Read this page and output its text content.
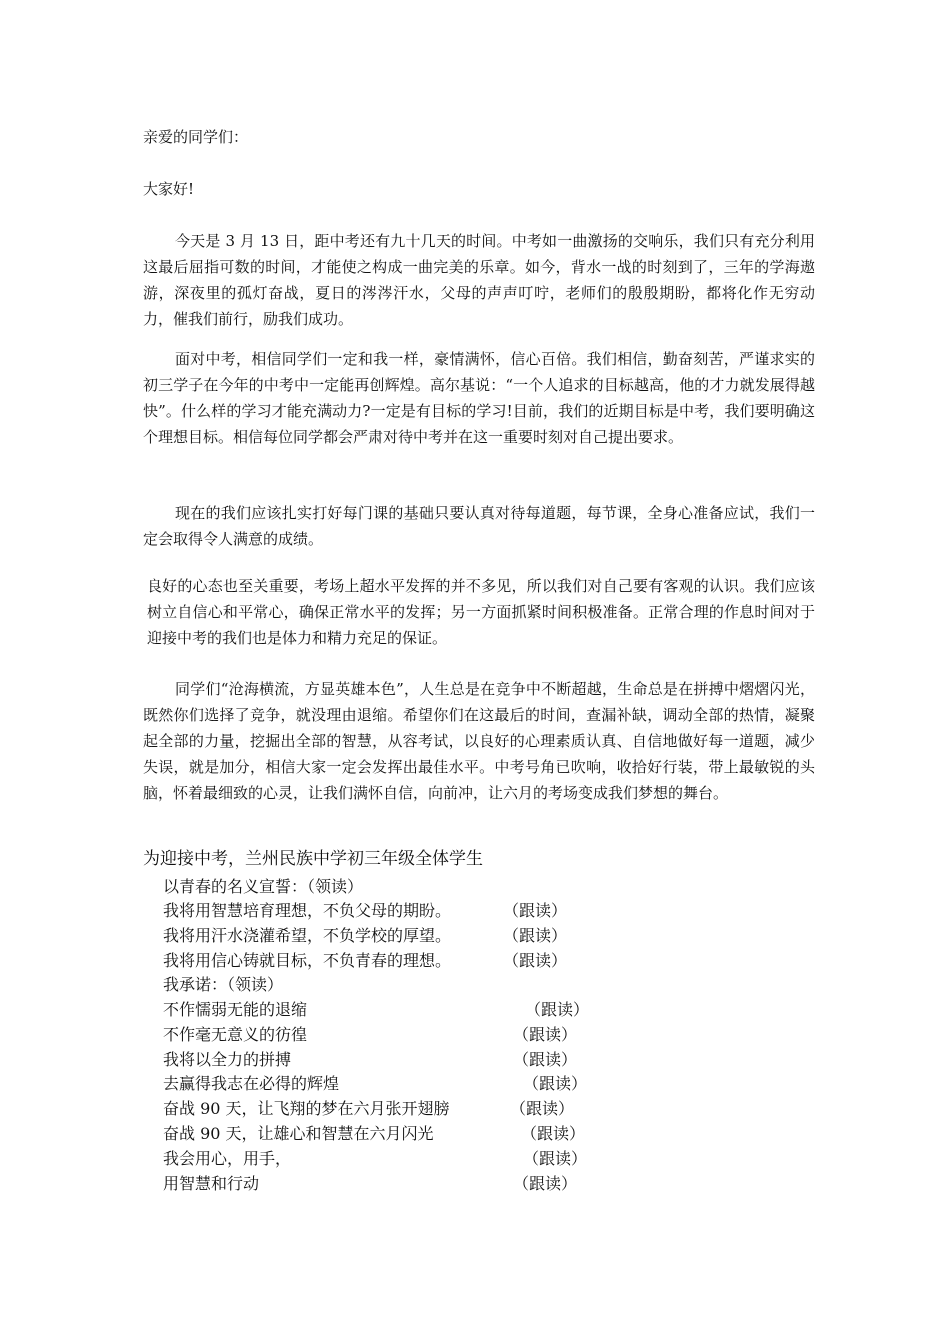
亲爱的同学们：
大家好!

今天是 3 月 13 日，距中考还有九十几天的时间。中考如一曲激扬的交响乐，我们只有充分利用这最后屈指可数的时间，才能使之构成一曲完美的乐章。如今，背水一战的时刻到了，三年的学海遨游，深夜里的孤灯奋战，夏日的涔涔汗水，父母的声声叮咛，老师们的殷殷期盼，都将化作无穷动力，催我们前行，励我们成功。

面对中考，相信同学们一定和我一样，豪情满怀，信心百倍。我们相信，勤奋刻苦，严谨求实的初三学子在今年的中考中一定能再创辉煌。高尔基说：“一个人追求的目标越高，他的才力就发展得越快”。什么样的学习才能充满动力?一定是有目标的学习!目前，我们的近期目标是中考，我们要明确这个理想目标。相信每位同学都会严肃对待中考并在这一重要时刻对自己提出要求。

现在的我们应该扎实打好每门课的基础只要认真对待每道题，每节课，全身心准备应试，我们一定会取得令人满意的成绩。

良好的心态也至关重要，考场上超水平发挥的并不多见，所以我们对自己要有客观的认识。我们应该树立自信心和平常心，确保正常水平的发挥；另一方面抓紧时间积极准备。正常合理的作息时间对于迎接中考的我们也是体力和精力充足的保证。

同学们“沧海横流，方显英雄本色”，人生总是在竞争中不断超越，生命总是在拼搏中熠熠闪光，既然你们选择了竞争，就没理由退缩。希望你们在这最后的时间，查漏补缺，调动全部的热情，凝聚起全部的力量，挖掘出全部的智慧，从容考试，以良好的心理素质认真、自信地做好每一道题，减少失误，就是加分，相信大家一定会发挥出最佳水平。中考号角已吹响，收拾好行装，带上最敏锐的头脑，怀着最细致的心灵，让我们满怀自信，向前冲，让六月的考场变成我们梦想的舞台。

为迎接中考，兰州民族中学初三年级全体学生
以青春的名义宣誓：（领读）
我将用智慧培育理想，不负父母的期盼。	（跟读）
我将用汗水浇灌希望，不负学校的厚望。	（跟读）
我将用信心铸就目标，不负青春的理想。	（跟读）
我承诺：（领读）
不作懦弱无能的退缩	（跟读）
不作毫无意义的彷徨	（跟读）
我将以全力的拼搏	（跟读）
去赢得我志在必得的辉煌	（跟读）
奋战 90 天，让飞翔的梦在六月张开翅膀	（跟读）
奋战 90 天，让雄心和智慧在六月闪光	（跟读）
我会用心，用手，	（跟读）
用智慧和行动	（跟读）
